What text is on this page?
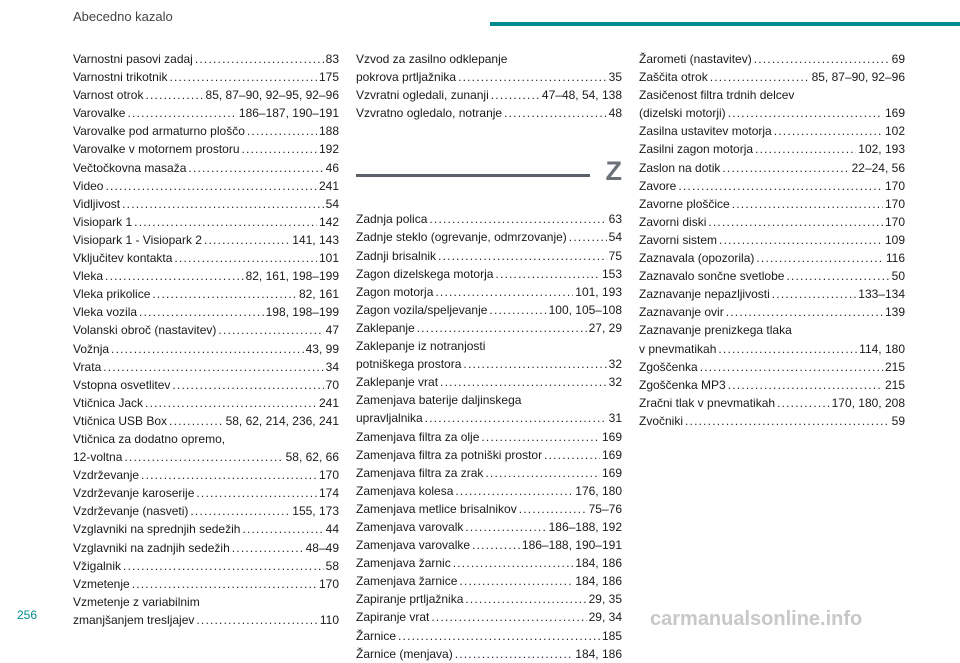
Abecedno kazalo
Varnostni pasovi zadaj .....	83
Varnostni trikotnik .....	175
Varnost otrok .....	85, 87–90, 92–95, 92–96
Varovalke .....	186–187, 190–191
Varovalke pod armaturno ploščo .....	188
Varovalke v motornem prostoru .....	192
Večtočkovna masaža .....	46
Video .....	241
Vidljivost .....	54
Visiopark 1 .....	142
Visiopark 1 - Visiopark 2 .....	141, 143
Vključitev kontakta .....	101
Vleka .....	82, 161, 198–199
Vleka prikolice .....	82, 161
Vleka vozila .....	198, 198–199
Volanski obroč (nastavitev) .....	47
Vožnja .....	43, 99
Vrata .....	34
Vstopna osvetlitev .....	70
Vtičnica Jack .....	241
Vtičnica USB Box .....	58, 62, 214, 236, 241
Vtičnica za dodatno opremo,
12-voltna .....	58, 62, 66
Vzdrževanje .....	170
Vzdrževanje karoserije .....	174
Vzdrževanje (nasveti) .....	155, 173
Vzglavniki na sprednjih sedežih .....	44
Vzglavniki na zadnjih sedežih .....	48–49
Vžigalnik .....	58
Vzmetenje .....	170
Vzmetenje z variabilnim
zmanjšanjem tresljajev .....	110
Vzvod za zasilno odklepanje
pokrova prtljažnika .....	35
Vzvratni ogledali, zunanji .....	47–48, 54, 138
Vzvratno ogledalo, notranje .....	48
Z
Zadnja polica .....	63
Zadnje steklo (ogrevanje, odmrzovanje) .....	54
Zadnji brisalnik .....	75
Zagon dizelskega motorja .....	153
Zagon motorja .....	101, 193
Zagon vozila/speljevanje .....	100, 105–108
Zaklepanje .....	27, 29
Zaklepanje iz notranjosti
potniškega prostora .....	32
Zaklepanje vrat .....	32
Zamenjava baterije daljinskega
upravljalnika .....	31
Zamenjava filtra za olje .....	169
Zamenjava filtra za potniški prostor .....	169
Zamenjava filtra za zrak .....	169
Zamenjava kolesa .....	176, 180
Zamenjava metlice brisalnikov .....	75–76
Zamenjava varovalk .....	186–188, 192
Zamenjava varovalke .....	186–188, 190–191
Zamenjava žarnic .....	184, 186
Zamenjava žarnice .....	184, 186
Zapiranje prtljažnika .....	29, 35
Zapiranje vrat .....	29, 34
Žarnice .....	185
Žarnice (menjava) .....	184, 186
Žarometi (nastavitev) .....	69
Zaščita otrok .....	85, 87–90, 92–96
Zasičenost filtra trdnih delcev
(dizelski motorji) .....	169
Zasilna ustavitev motorja .....	102
Zasilni zagon motorja .....	102, 193
Zaslon na dotik .....	22–24, 56
Zavore .....	170
Zavorne ploščice .....	170
Zavorni diski .....	170
Zavorni sistem .....	109
Zaznavala (opozorila) .....	116
Zaznavalo sončne svetlobe .....	50
Zaznavanje nepazljivosti .....	133–134
Zaznavanje ovir .....	139
Zaznavanje prenizkega tlaka
v pnevmatikah .....	114, 180
Zgoščenka .....	215
Zgoščenka MP3 .....	215
Zračni tlak v pnevmatikah .....	170, 180, 208
Zvočniki .....	59
256	carmanualsonline.info
